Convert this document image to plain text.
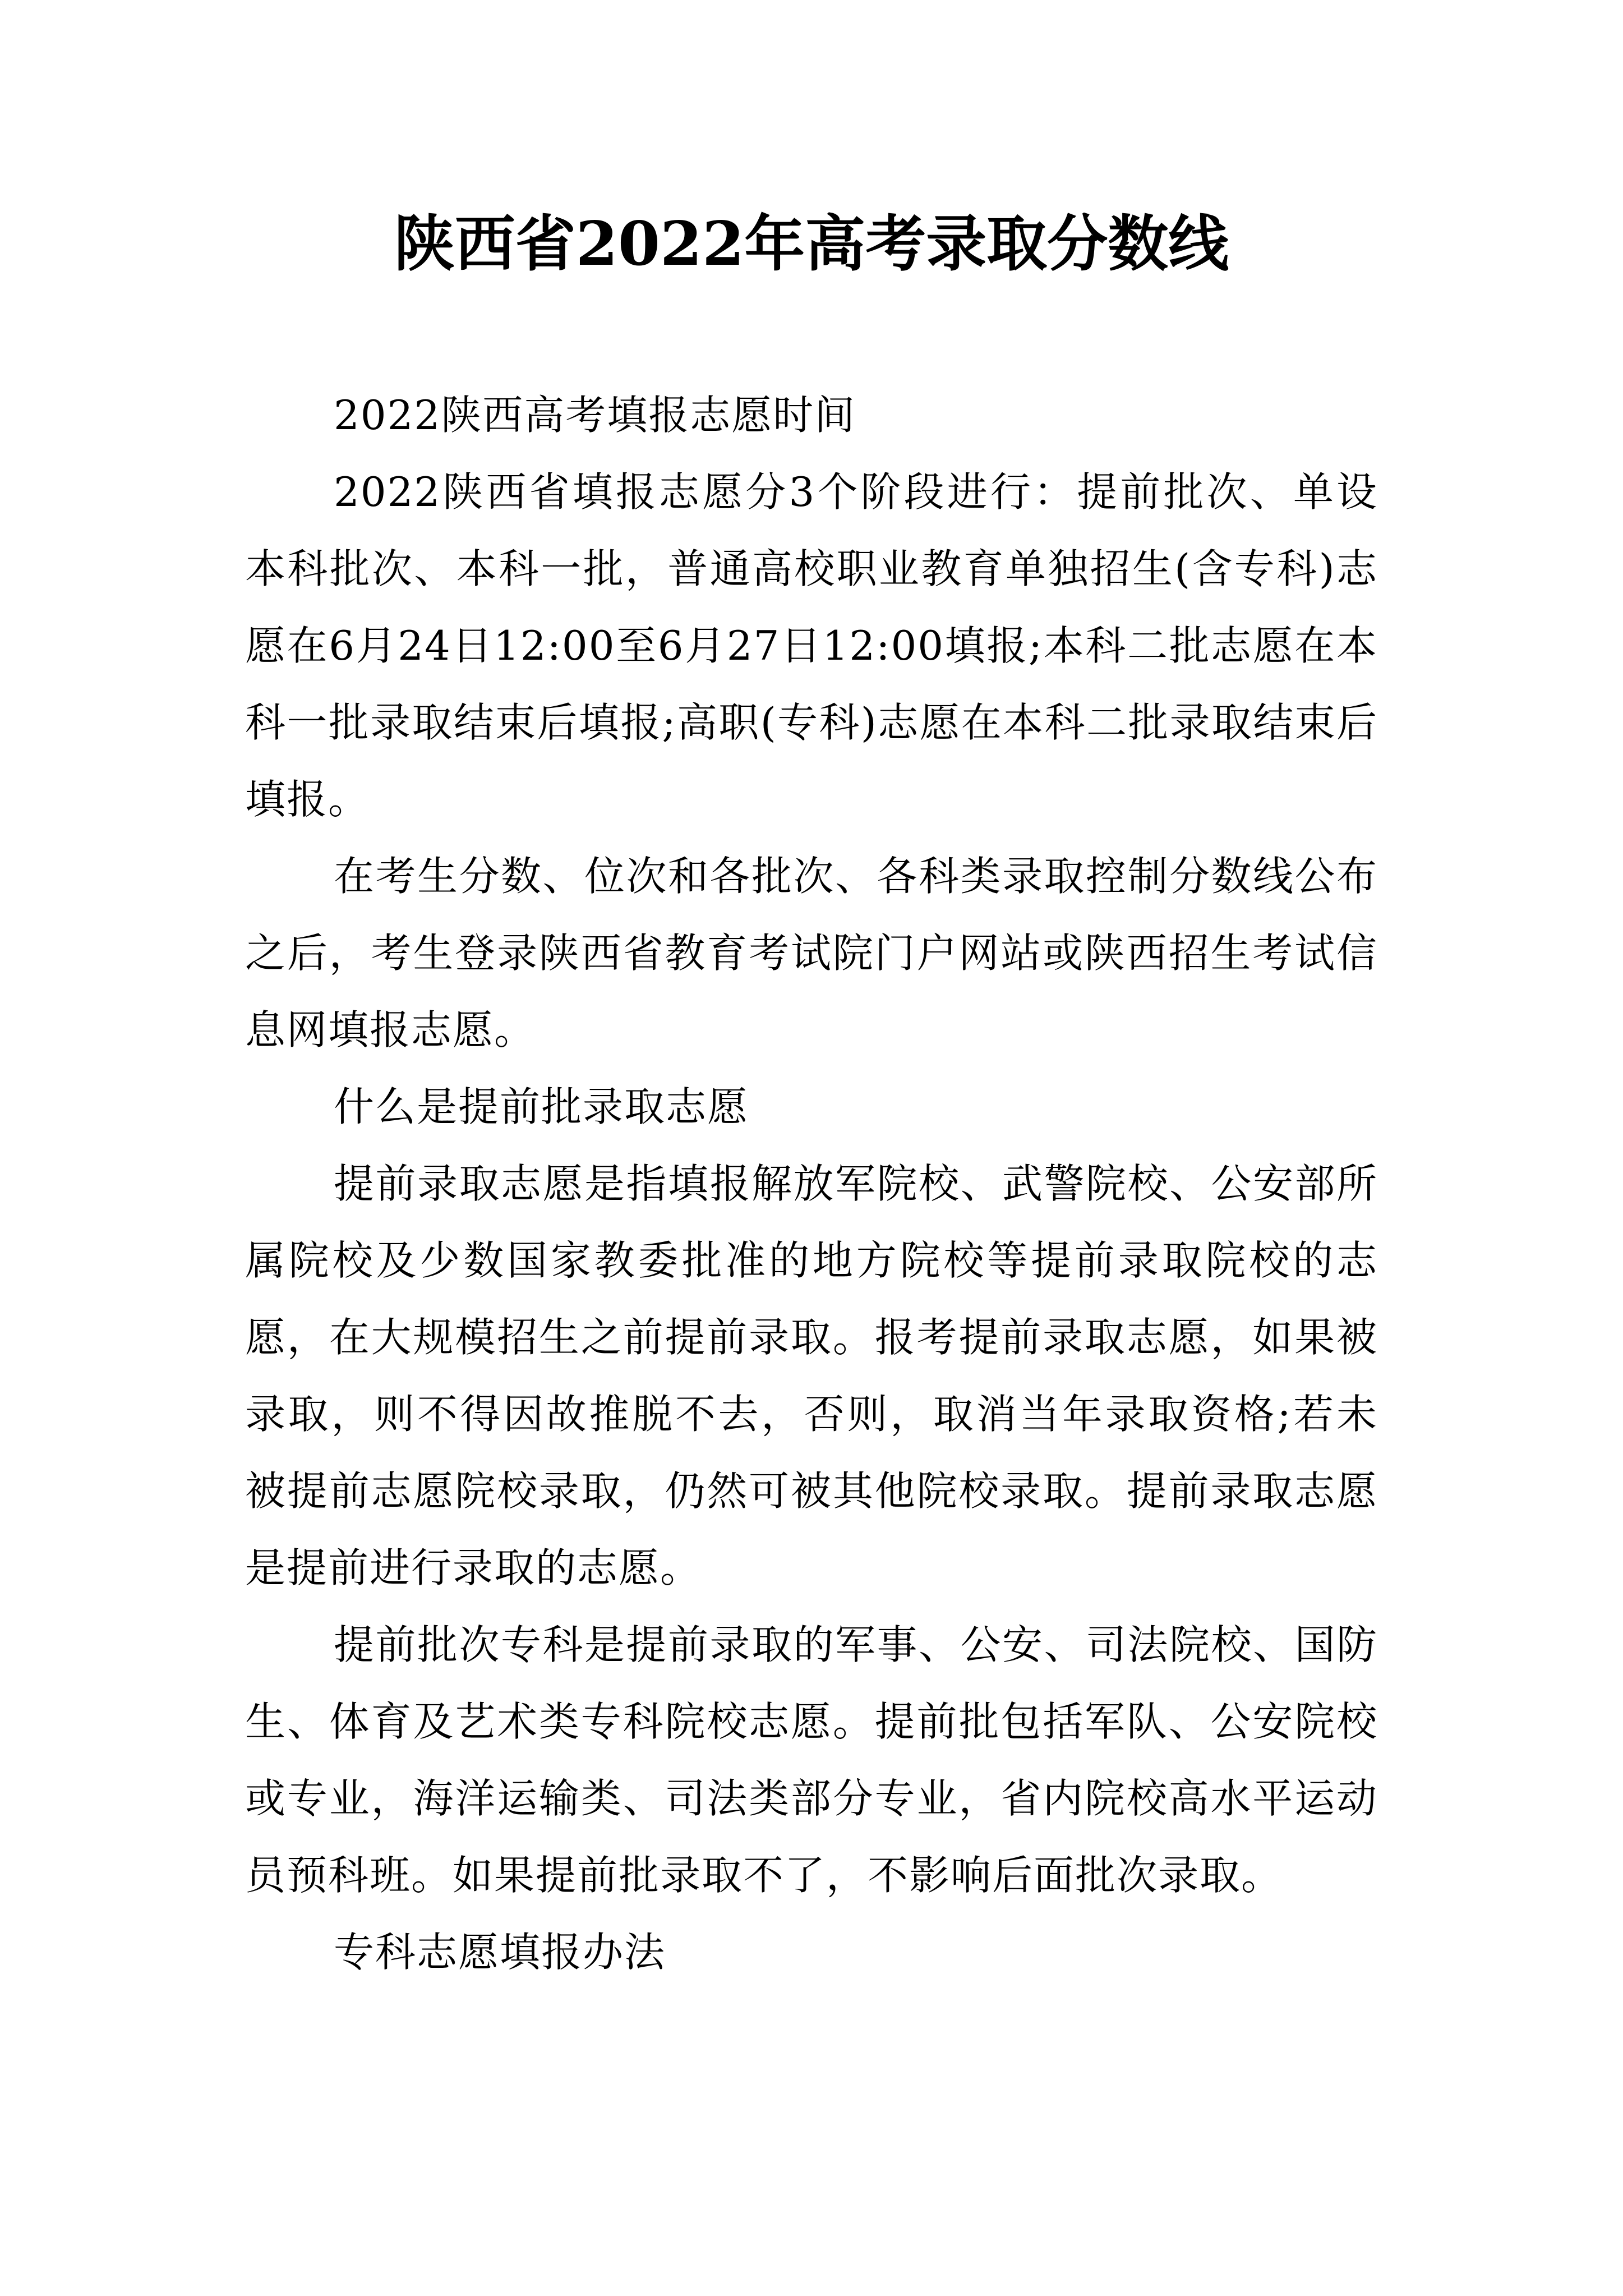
陕西省2022年高考录取分数线

2022陕西高考填报志愿时间

2022陕西省填报志愿分3个阶段进行：提前批次、单设本科批次、本科一批，普通高校职业教育单独招生(含专科)志愿在6月24日12:00至6月27日12:00填报;本科二批志愿在本科一批录取结束后填报;高职(专科)志愿在本科二批录取结束后填报。

在考生分数、位次和各批次、各科类录取控制分数线公布之后，考生登录陕西省教育考试院门户网站或陕西招生考试信息网填报志愿。

什么是提前批录取志愿

提前录取志愿是指填报解放军院校、武警院校、公安部所属院校及少数国家教委批准的地方院校等提前录取院校的志愿，在大规模招生之前提前录取。报考提前录取志愿，如果被录取，则不得因故推脱不去，否则，取消当年录取资格;若未被提前志愿院校录取，仍然可被其他院校录取。提前录取志愿是提前进行录取的志愿。

提前批次专科是提前录取的军事、公安、司法院校、国防生、体育及艺术类专科院校志愿。提前批包括军队、公安院校或专业，海洋运输类、司法类部分专业，省内院校高水平运动员预科班。如果提前批录取不了，不影响后面批次录取。

专科志愿填报办法
